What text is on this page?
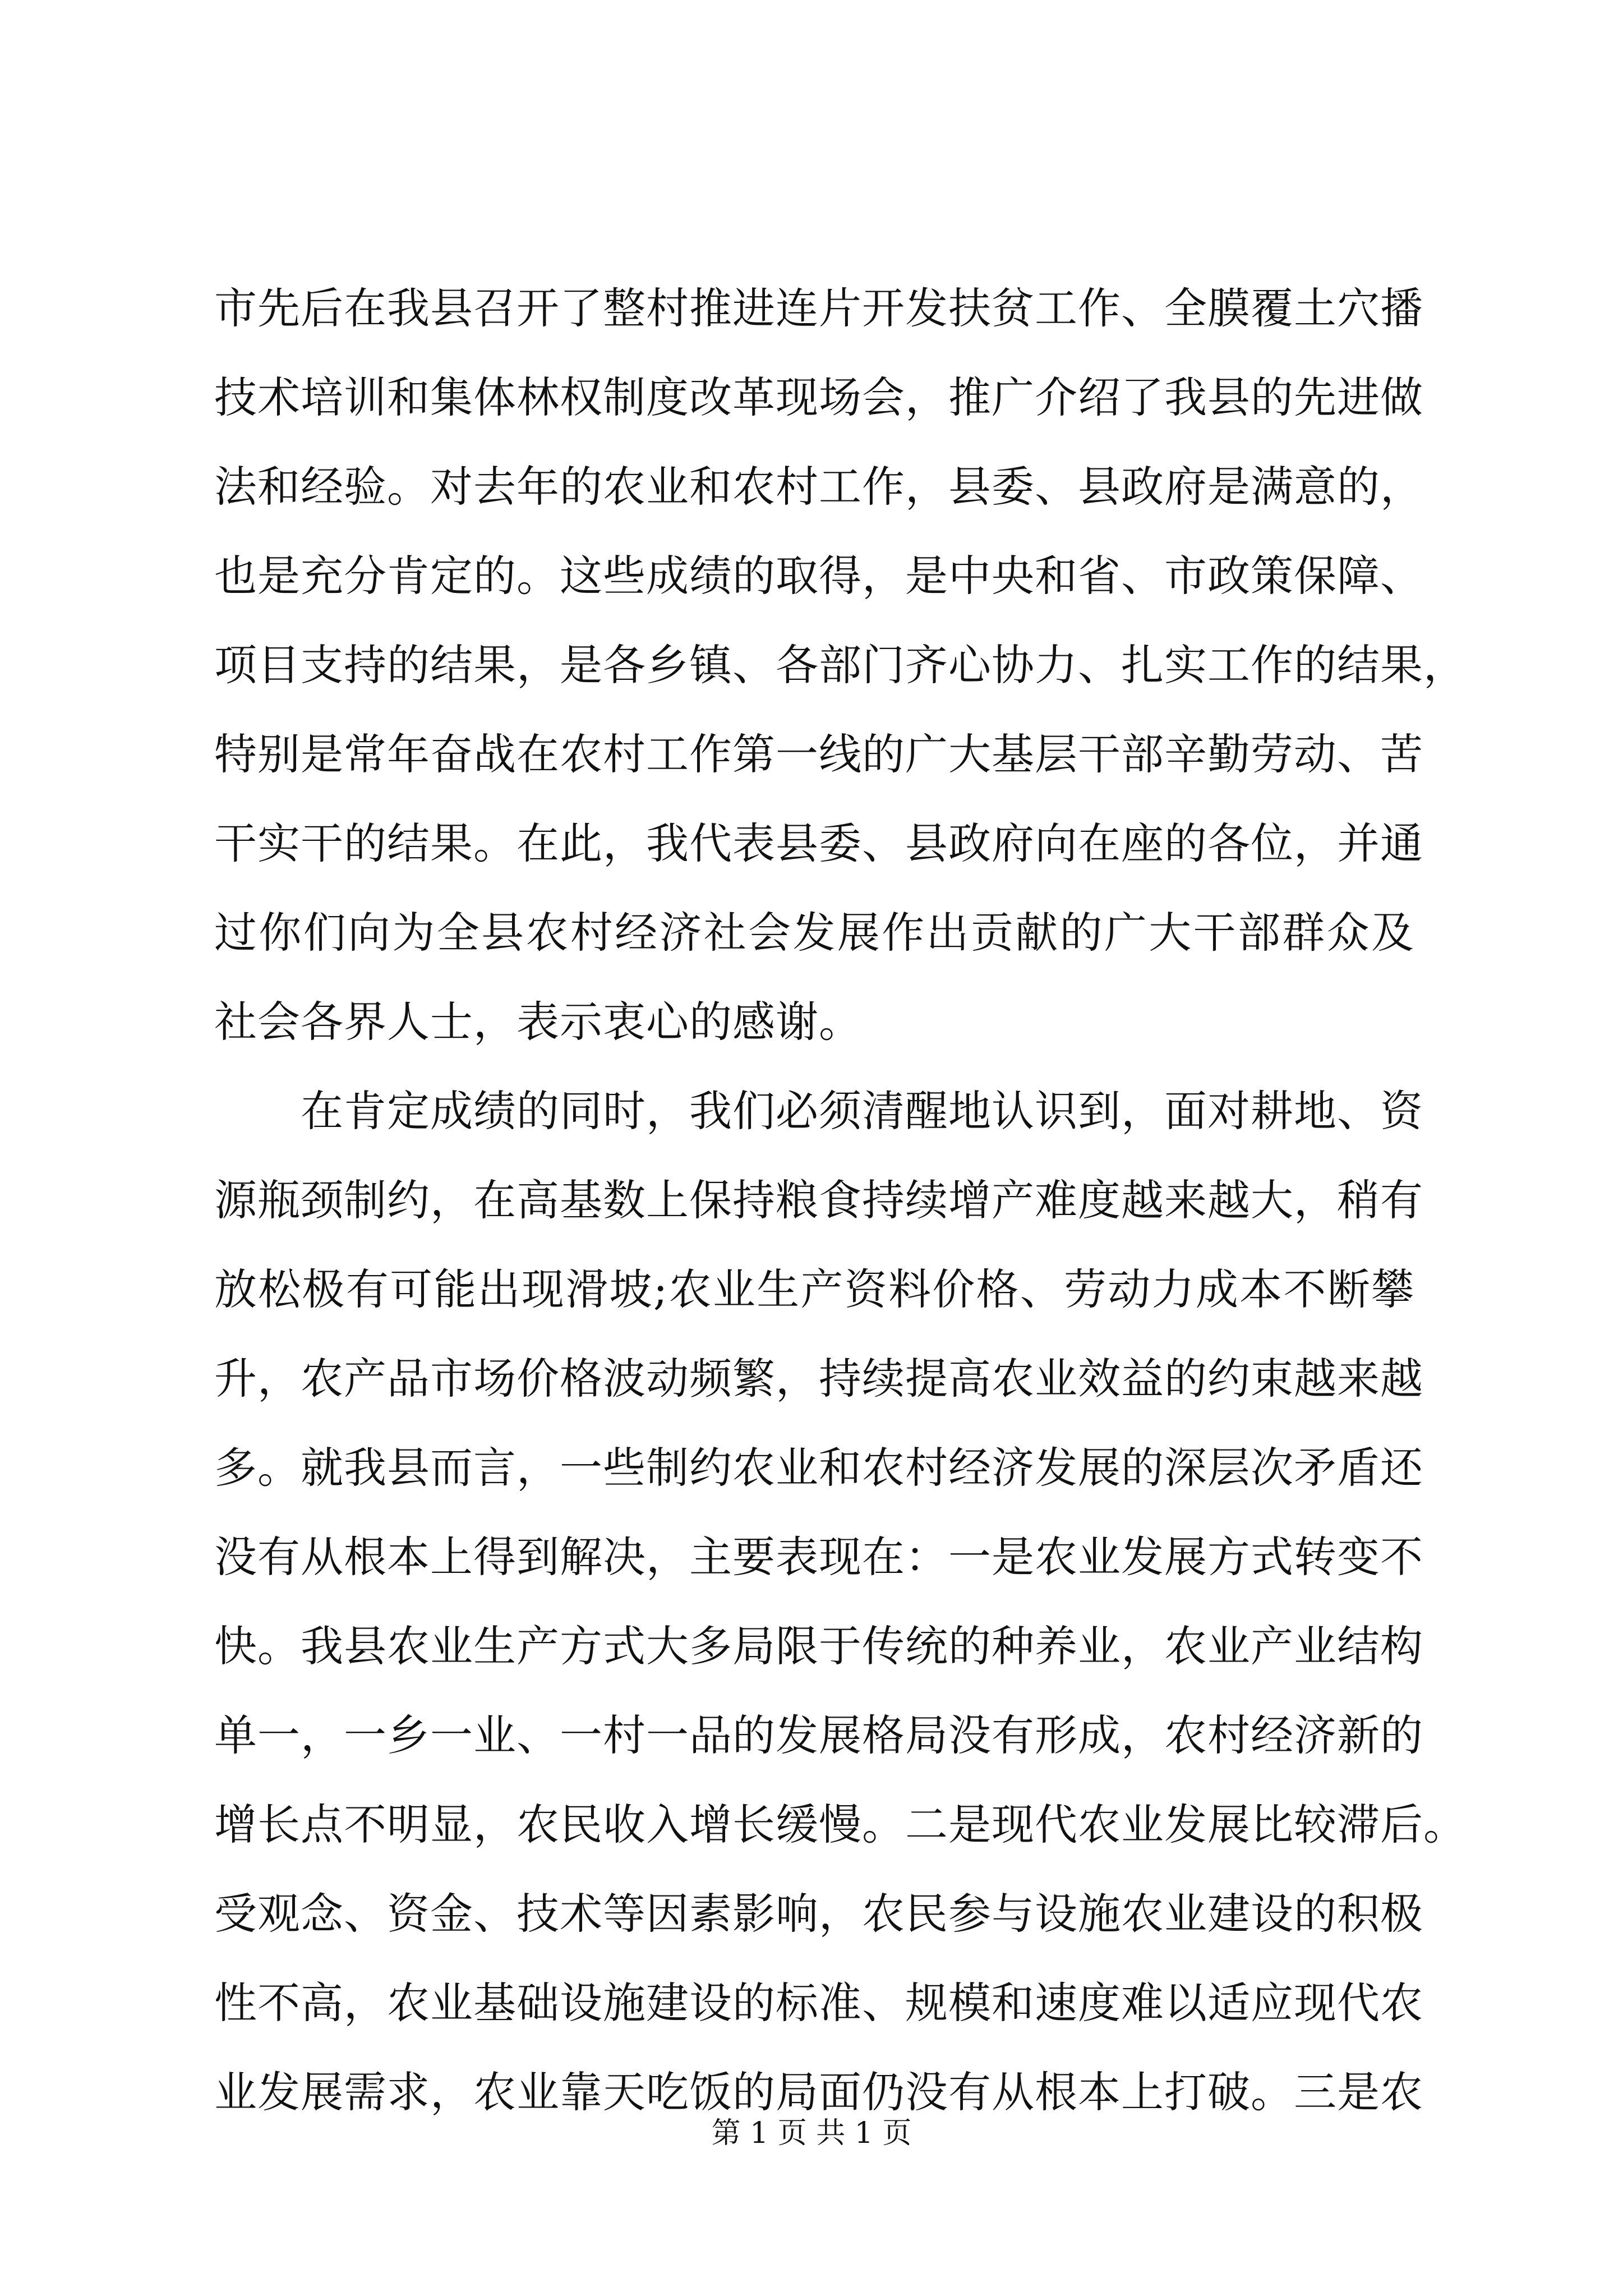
市先后在我县召开了整村推进连片开发扶贫工作、全膜覆土穴播
技术培训和集体林权制度改革现场会，推广介绍了我县的先进做
法和经验。对去年的农业和农村工作，县委、县政府是满意的，
也是充分肯定的。这些成绩的取得，是中央和省、市政策保障、
项目支持的结果，是各乡镇、各部门齐心协力、扎实工作的结果，
特别是常年奋战在农村工作第一线的广大基层干部辛勤劳动、苦
干实干的结果。在此，我代表县委、县政府向在座的各位，并通
过你们向为全县农村经济社会发展作出贡献的广大干部群众及
社会各界人士，表示衷心的感谢。
　　在肯定成绩的同时，我们必须清醒地认识到，面对耕地、资
源瓶颈制约，在高基数上保持粮食持续增产难度越来越大，稍有
放松极有可能出现滑坡;农业生产资料价格、劳动力成本不断攀
升，农产品市场价格波动频繁，持续提高农业效益的约束越来越
多。就我县而言，一些制约农业和农村经济发展的深层次矛盾还
没有从根本上得到解决，主要表现在：一是农业发展方式转变不
快。我县农业生产方式大多局限于传统的种养业，农业产业结构
单一，一乡一业、一村一品的发展格局没有形成，农村经济新的
增长点不明显，农民收入增长缓慢。二是现代农业发展比较滞后。
受观念、资金、技术等因素影响，农民参与设施农业建设的积极
性不高，农业基础设施建设的标准、规模和速度难以适应现代农
业发展需求，农业靠天吃饭的局面仍没有从根本上打破。三是农
第 1 页 共 1 页
